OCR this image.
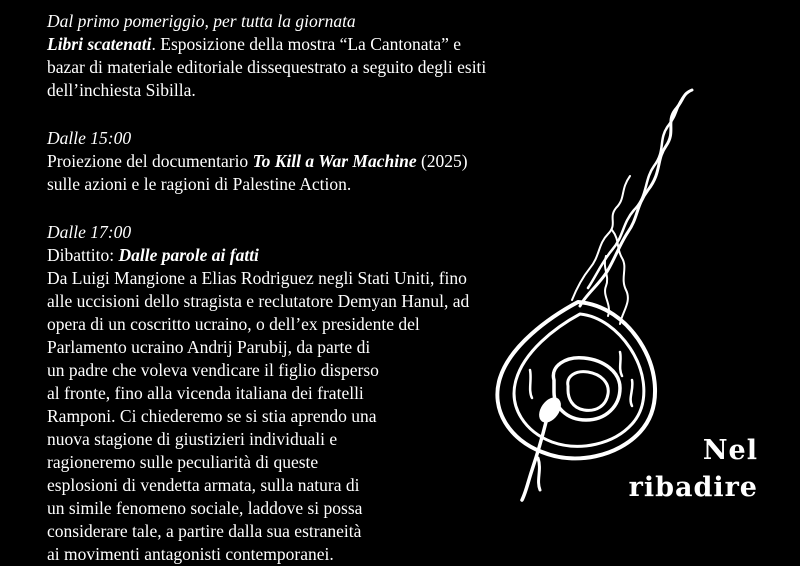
Dal primo pomeriggio, per tutta la giornata
Libri scatenati. Esposizione della mostra “La Cantonata” e
bazar di materiale editoriale dissequestrato a seguito degli esiti
dell’inchiesta Sibilla.
Dalle 15:00
Proiezione del documentario To Kill a War Machine (2025)
sulle azioni e le ragioni di Palestine Action.
Dalle 17:00
Dibattito: Dalle parole ai fatti
Da Luigi Mangione a Elias Rodriguez negli Stati Uniti, fino
alle uccisioni dello stragista e reclutatore Demyan Hanul, ad
opera di un coscritto ucraino, o dell’ex presidente del
Parlamento ucraino Andrij Parubij, da parte di
un padre che voleva vendicare il figlio disperso
al fronte, fino alla vicenda italiana dei fratelli
Ramponi. Ci chiederemo se si stia aprendo una
nuova stagione di giustizieri individuali e
ragioneremo sulle peculiarità di queste
esplosioni di vendetta armata, sulla natura di
un simile fenomeno sociale, laddove si possa
considerare tale, a partire dalla sua estraneità
ai movimenti antagonisti contemporanei.
Nel
ribadire
